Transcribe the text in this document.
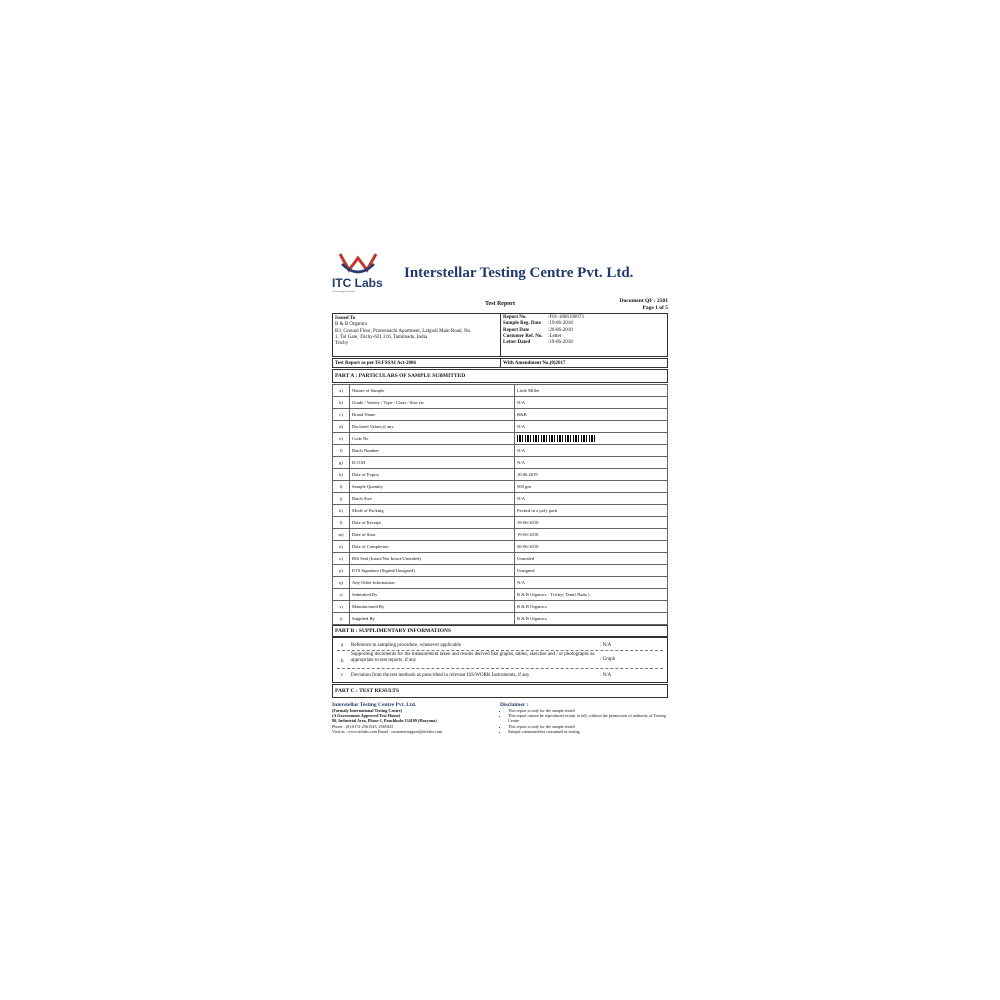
ITC Labs
Technology Solutions
Interstellar Testing Centre Pvt. Ltd.
Document QF : 2501
Page 1 of 5
Test Report
Issued To
B & B Organics
B3, Ground Floor, Praveenachi Apartment, Lalgudi Main Road, No.
1, Tol Gate, Trichy-621 216, Tamilnadu, India
Trichy
Report No.	:F01-1806190973
Sample Reg. Date :19-06-2018
Report Date	:26-06-2018
Customer Ref. No. :Letter
Letter Dated	:19-06-2018
Test Report as per IS:FSSAI Act-2006	With Amendment No.(0)2017
PART A : PARTICULARS OF SAMPLE SUBMITTED
a)	Nature of Sample	Little Millet
b)	Grade / Variety / Type / Class / Size etc	N/A
c)	Brand Name	B&B
d)	Declared Values,if any	N/A
e)	Code No	
f)	Batch Number	N/A
g)	D.O.M	N/A
h)	Date of Expiry	10.06.2019
i)	Sample Quantity	500 gm
j)	Batch Size	N/A
k)	Mode of Packing	Packed in a poly pack
l)	Date of Receipt	19-06-2018
m)	Date of Start	19-06-2018
n)	Date of Completion	26-06-2018
o)	BIS Seal (Intact/Not Intact/Unsealed)	Unsealed
p)	IO'S Signature (Signed/Unsigned)	Unsigned
q)	Any Other Information	N/A
r)	Submitted By	B & B Organics - Trichy( Tamil Nadu )
s)	Manufactured By	B & B Organics
t)	Supplied By	B & B Organics
PART B : SUPPLIMENTARY INFORMATIONS
a Reference to sampling procedure, whenever applicable	: N/A
b
Supporting documents for the measurement taken and results derived like graphs, tables, sketches and / or photographs as appropriate to test reports, if any	: Graph
c Deviation from the test methods as prescribed in relevant ISS/WORK Instruments, if any	: N/A
PART C : TEST RESULTS
Interstellar Testing Centre Pvt. Ltd.
(Formaly International Testing Centre)
(A Government Approved Test House)
86, Industrial Area, Phase-1, Panchkula-134109 (Haryana)
Phone : (0)-0172-2561543, 2565825
Visit us : www.itclabs.com Email : customersupport@itclabs.com
Disclaimer :
• This report is only for the sample tested
• This report cannot be reproduced except in full, without the permission of authority of Testing Centre
• This report is only for the sample tested
• Sample consumed/not consumed in testing
